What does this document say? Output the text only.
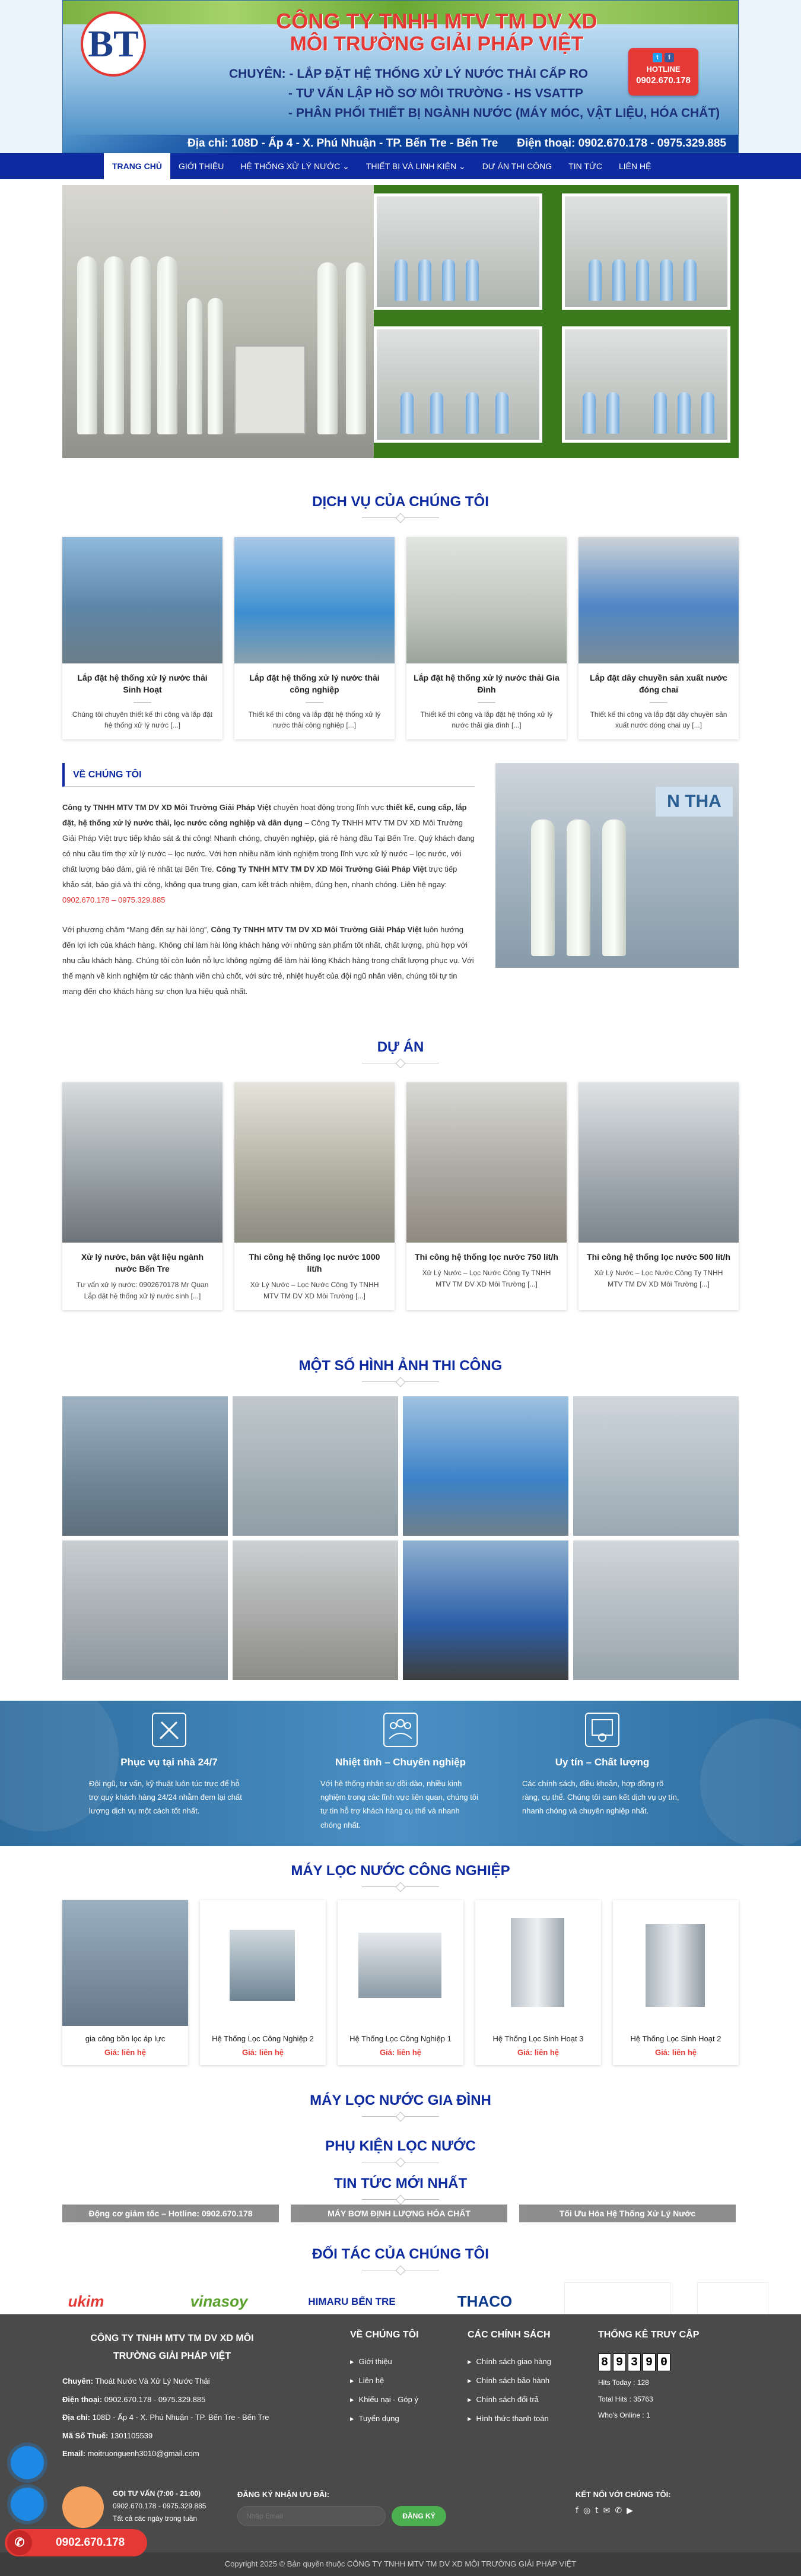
BT
CÔNG TY TNHH MTV TM DV XD
MÔI TRƯỜNG GIẢI PHÁP VIỆT
CHUYÊN: - LẮP ĐẶT HỆ THỐNG XỬ LÝ NƯỚC THẢI CẤP RO
- TƯ VẤN LẬP HỒ SƠ MÔI TRƯỜNG - HS VSATTP
- PHÂN PHỐI THIẾT BỊ NGÀNH NƯỚC (MÁY MÓC, VẬT LIỆU, HÓA CHẤT)
t	f
HOTLINE
0902.670.178
Địa chỉ: 108D - Ấp 4 - X. Phú Nhuận - TP. Bến Tre - Bến Tre Điện thoại: 0902.670.178 - 0975.329.885
TRANG CHỦ	GIỚI THIỆU	HỆ THỐNG XỬ LÝ NƯỚC ⌄	THIẾT BỊ VÀ LINH KIỆN ⌄	DỰ ÁN THI CÔNG	TIN TỨC	LIÊN HỆ
DỊCH VỤ CỦA CHÚNG TÔI
Lắp đặt hệ thống xử lý nước thải Sinh Hoạt
Chúng tôi chuyên thiết kế thi công và lắp đặt hệ thống xử lý nước [...]
Lắp đặt hệ thống xử lý nước thải công nghiệp
Thiết kế thi công và lắp đặt hệ thống xử lý nước thải công nghiệp [...]
Lắp đặt hệ thống xử lý nước thải Gia Đình
Thiết kế thi công và lắp đặt hệ thống xử lý nước thải gia đình [...]
Lắp đặt dây chuyền sản xuất nước đóng chai
Thiết kế thi công và lắp đặt dây chuyền sản xuất nước đóng chai uy [...]
VỀ CHÚNG TÔI

Công ty TNHH MTV TM DV XD Môi Trường Giải Pháp Việt chuyên hoạt động trong lĩnh vực thiết kế, cung cấp, lắp đặt, hệ thống xử lý nước thải, lọc nước công nghiệp và dân dụng – Công Ty TNHH MTV TM DV XD Môi Trường Giải Pháp Việt trực tiếp khảo sát & thi công! Nhanh chóng, chuyên nghiệp, giá rẻ hàng đầu Tại Bến Tre. Quý khách đang có nhu cầu tìm thợ xử lý nước – lọc nước. Với hơn nhiều năm kinh nghiệm trong lĩnh vực xử lý nước – lọc nước, với chất lượng bảo đảm, giá rẻ nhất tại Bến Tre. Công Ty TNHH MTV TM DV XD Môi Trường Giải Pháp Việt trực tiếp khảo sát, báo giá và thi công, không qua trung gian, cam kết trách nhiệm, đúng hẹn, nhanh chóng. Liên hệ ngay: 0902.670.178 – 0975.329.885

Với phương châm “Mang đến sự hài lòng”, Công Ty TNHH MTV TM DV XD Môi Trường Giải Pháp Việt luôn hướng đến lợi ích của khách hàng. Không chỉ làm hài lòng khách hàng với những sản phẩm tốt nhất, chất lượng, phù hợp với nhu cầu khách hàng. Chúng tôi còn luôn nỗ lực không ngừng để làm hài lòng Khách hàng trong chất lượng phục vụ. Với thế mạnh về kinh nghiệm từ các thành viên chủ chốt, với sức trẻ, nhiệt huyết của đội ngũ nhân viên, chúng tôi tự tin mang đến cho khách hàng sự chọn lựa hiệu quả nhất.

N THA
DỰ ÁN
Xử lý nước, bán vật liệu ngành nước Bến Tre
Tư vấn xử lý nước: 0902670178 Mr Quan Lắp đặt hệ thống xử lý nước sinh [...]
Thi công hệ thống lọc nước 1000 lít/h
Xử Lý Nước – Lọc Nước Công Ty TNHH MTV TM DV XD Môi Trường [...]
Thi công hệ thống lọc nước 750 lít/h
Xử Lý Nước – Lọc Nước Công Ty TNHH MTV TM DV XD Môi Trường [...]
Thi công hệ thống lọc nước 500 lít/h
Xử Lý Nước – Lọc Nước Công Ty TNHH MTV TM DV XD Môi Trường [...]
MỘT SỐ HÌNH ẢNH THI CÔNG
Phục vụ tại nhà 24/7
Đội ngũ, tư vấn, kỹ thuật luôn túc trực để hỗ trợ quý khách hàng 24/24 nhằm đem lại chất lượng dịch vụ một cách tốt nhất.
Nhiệt tình – Chuyên nghiệp
Với hệ thống nhân sự dồi dào, nhiều kinh nghiệm trong các lĩnh vực liên quan, chúng tôi tự tin hỗ trợ khách hàng cụ thể và nhanh chóng nhất.
Uy tín – Chất lượng
Các chính sách, điều khoản, hợp đồng rõ ràng, cụ thể. Chúng tôi cam kết dịch vụ uy tín, nhanh chóng và chuyên nghiệp nhất.
MÁY LỌC NƯỚC CÔNG NGHIỆP
gia công bồn lọc áp lực
Giá: liên hệ
Hệ Thống Lọc Công Nghiệp 2
Giá: liên hệ
Hệ Thống Lọc Công Nghiệp 1
Giá: liên hệ
Hệ Thống Lọc Sinh Hoạt 3
Giá: liên hệ
Hệ Thống Lọc Sinh Hoạt 2
Giá: liên hệ
MÁY LỌC NƯỚC GIA ĐÌNH
PHỤ KIỆN LỌC NƯỚC
TIN TỨC MỚI NHẤT
Động cơ giảm tốc – Hotline: 0902.670.178	MÁY BƠM ĐỊNH LƯỢNG HÓA CHẤT	Tối Ưu Hóa Hệ Thống Xử Lý Nước
ĐỐI TÁC CỦA CHÚNG TÔI
ukim	vinasoy	HIMARU BẾN TRE	THACO
CÔNG TY TNHH MTV TM DV XD MÔI TRƯỜNG GIẢI PHÁP VIỆT
Chuyên: Thoát Nước Và Xử Lý Nước Thải
Điện thoại: 0902.670.178 - 0975.329.885
Địa chỉ: 108D - Ấp 4 - X. Phú Nhuận - TP. Bến Tre - Bến Tre
Mã Số Thuế: 1301105539
Email: moitruonguenh3010@gmail.com
VỀ CHÚNG TÔI
▸ Giới thiệu
▸ Liên hệ
▸ Khiếu nại - Góp ý
▸ Tuyển dụng
CÁC CHÍNH SÁCH
▸ Chính sách giao hàng
▸ Chính sách bảo hành
▸ Chính sách đổi trả
▸ Hình thức thanh toán
THỐNG KÊ TRUY CẬP
8 9 3 9 0
Hits Today : 128
Total Hits : 35763
Who's Online : 1
GỌI TƯ VẤN (7:00 - 21:00)
0902.670.178 - 0975.329.885
Tất cả các ngày trong tuần
ĐĂNG KÝ NHẬN ƯU ĐÃI:
Nhập Email
ĐĂNG KÝ
KẾT NỐI VỚI CHÚNG TÔI:
f ◎ t ✉ ✆ ▶
Copyright 2025 © Bản quyền thuộc CÔNG TY TNHH MTV TM DV XD MÔI TRƯỜNG GIẢI PHÁP VIỆT
✆	0902.670.178
